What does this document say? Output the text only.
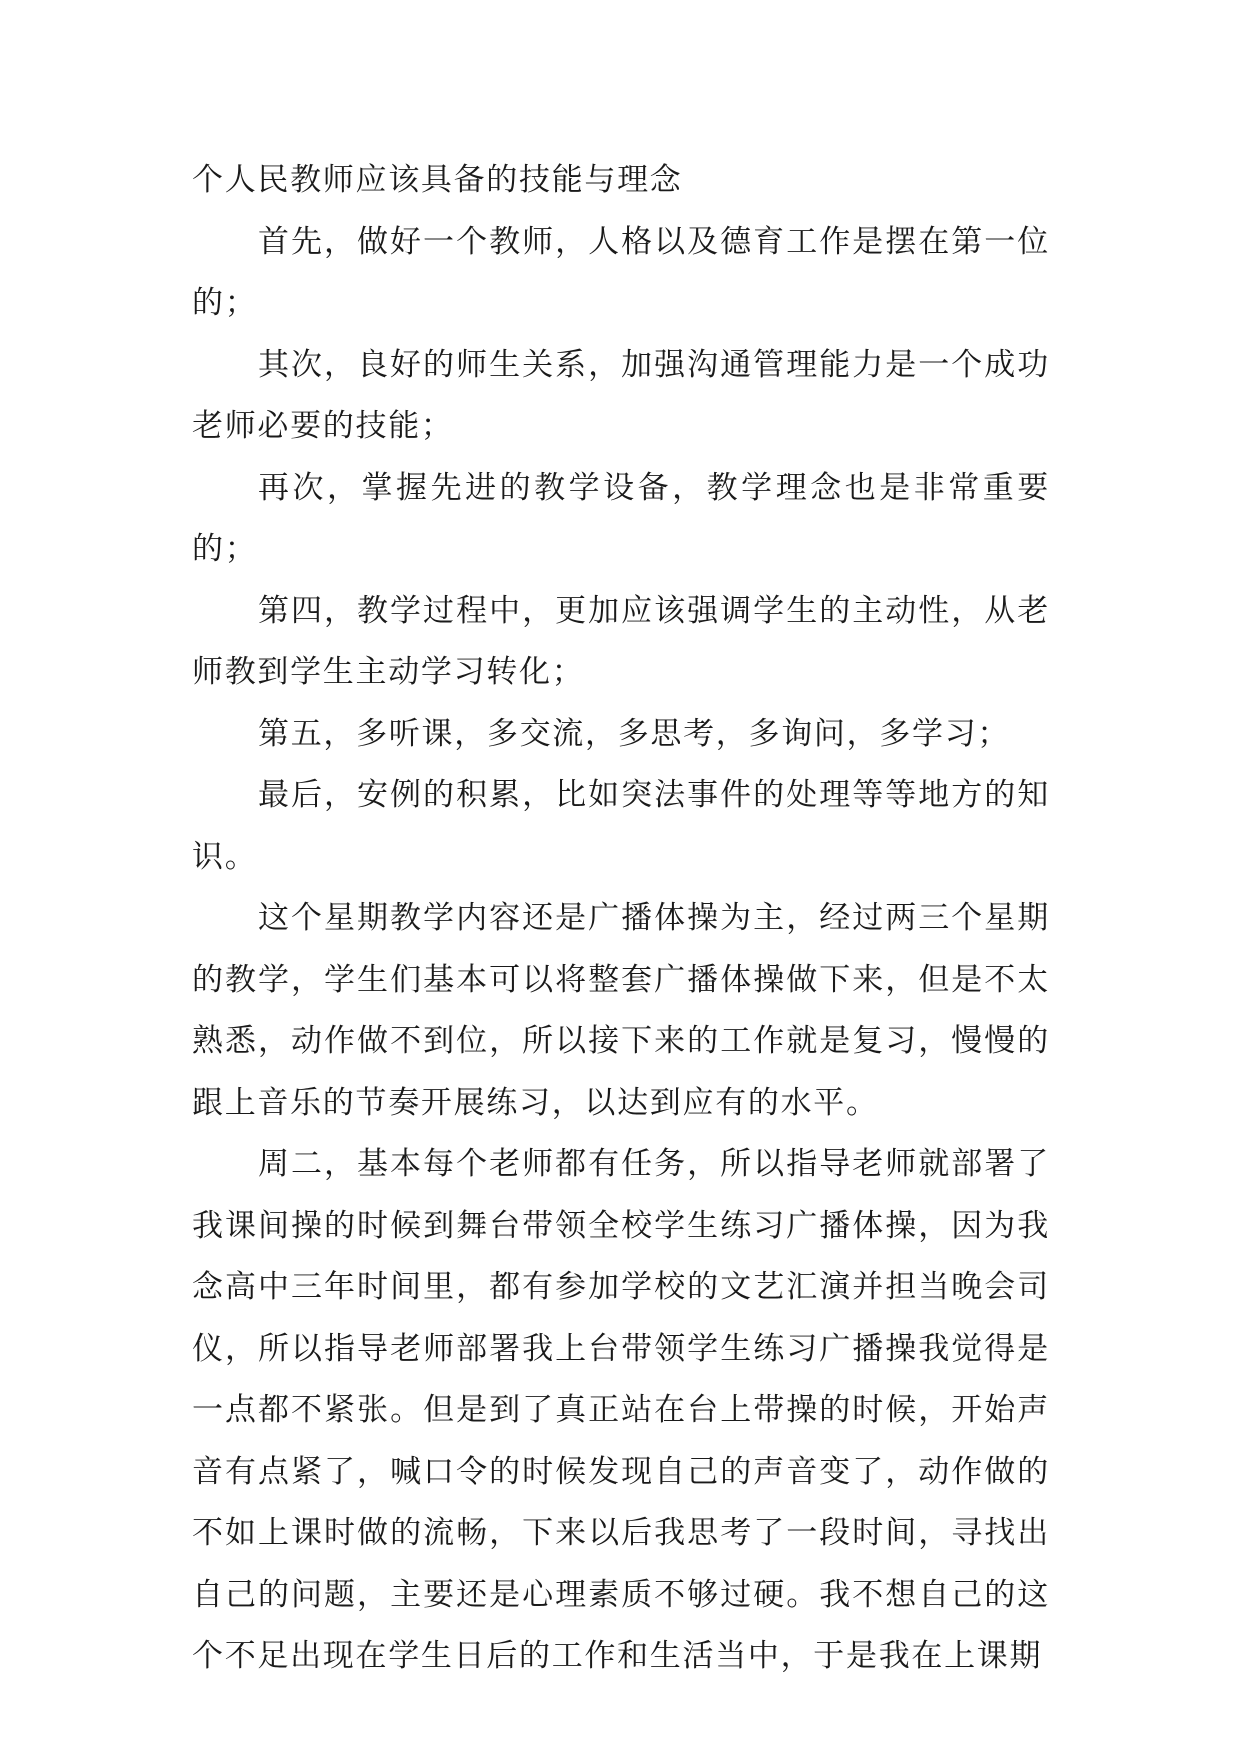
个人民教师应该具备的技能与理念

首先，做好一个教师，人格以及德育工作是摆在第一位的；

其次，良好的师生关系，加强沟通管理能力是一个成功老师必要的技能；

再次，掌握先进的教学设备，教学理念也是非常重要的；

第四，教学过程中，更加应该强调学生的主动性，从老师教到学生主动学习转化；

第五，多听课，多交流，多思考，多询问，多学习；

最后，安例的积累，比如突法事件的处理等等地方的知识。

这个星期教学内容还是广播体操为主，经过两三个星期的教学，学生们基本可以将整套广播体操做下来，但是不太熟悉，动作做不到位，所以接下来的工作就是复习，慢慢的跟上音乐的节奏开展练习，以达到应有的水平。

周二，基本每个老师都有任务，所以指导老师就部署了我课间操的时候到舞台带领全校学生练习广播体操，因为我念高中三年时间里，都有参加学校的文艺汇演并担当晚会司仪，所以指导老师部署我上台带领学生练习广播操我觉得是一点都不紧张。但是到了真正站在台上带操的时候，开始声音有点紧了，喊口令的时候发现自己的声音变了，动作做的不如上课时做的流畅，下来以后我思考了一段时间，寻找出自己的问题，主要还是心理素质不够过硬。我不想自己的这个不足出现在学生日后的工作和生活当中，于是我在上课期
